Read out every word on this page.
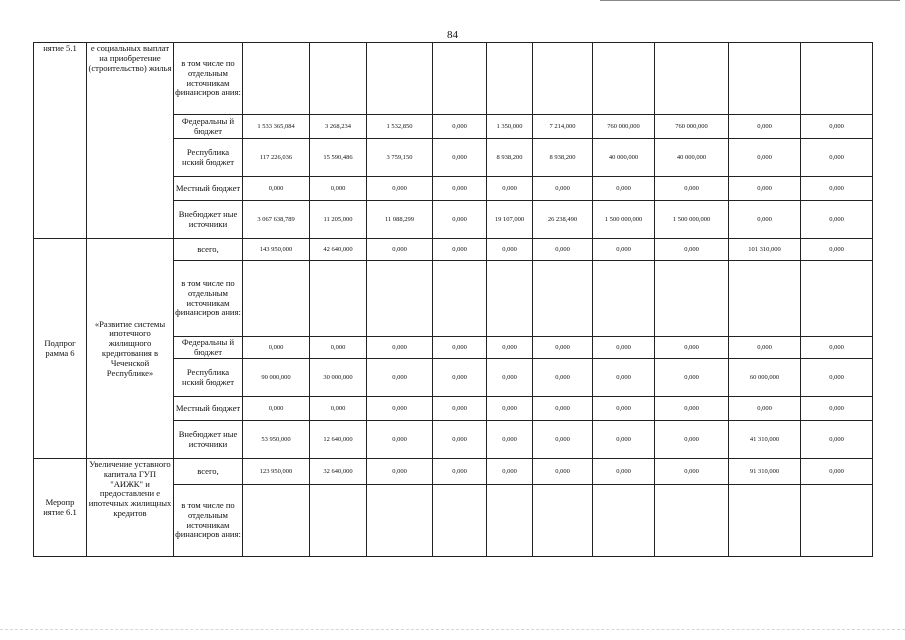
84
нятие 5.1	е социальных выплат на приобретение (строительство) жилья	в том числе по отдельным источникам финансиров ания:										
		Федеральны й бюджет	1 533 365,084	3 268,234	1 532,850	0,000	1 350,000	7 214,000	760 000,000	760 000,000	0,000	0,000
		Республика нский бюджет	117 226,036	15 590,486	3 759,150	0,000	8 938,200	8 938,200	40 000,000	40 000,000	0,000	0,000
		Местный бюджет	0,000	0,000	0,000	0,000	0,000	0,000	0,000	0,000	0,000	0,000
		Внебюджет ные источники	3 067 638,789	11 205,000	11 088,299	0,000	19 107,000	26 238,490	1 500 000,000	1 500 000,000	0,000	0,000
Подпрог рамма 6	«Развитие системы ипотечного жилищного кредитования в Чеченской Республике»	всего,	143 950,000	42 640,000	0,000	0,000	0,000	0,000	0,000	0,000	101 310,000	0,000
		в том числе по отдельным источникам финансиров ания:										
		Федеральны й бюджет	0,000	0,000	0,000	0,000	0,000	0,000	0,000	0,000	0,000	0,000
		Республика нский бюджет	90 000,000	30 000,000	0,000	0,000	0,000	0,000	0,000	0,000	60 000,000	0,000
		Местный бюджет	0,000	0,000	0,000	0,000	0,000	0,000	0,000	0,000	0,000	0,000
		Внебюджет ные источники	53 950,000	12 640,000	0,000	0,000	0,000	0,000	0,000	0,000	41 310,000	0,000
Меропр иятие 6.1	Увеличение уставного капитала ГУП "АИЖК" и предоставлени е ипотечных жилищных кредитов	всего,	123 950,000	32 640,000	0,000	0,000	0,000	0,000	0,000	0,000	91 310,000	0,000
		в том числе по отдельным источникам финансиров ания:										
